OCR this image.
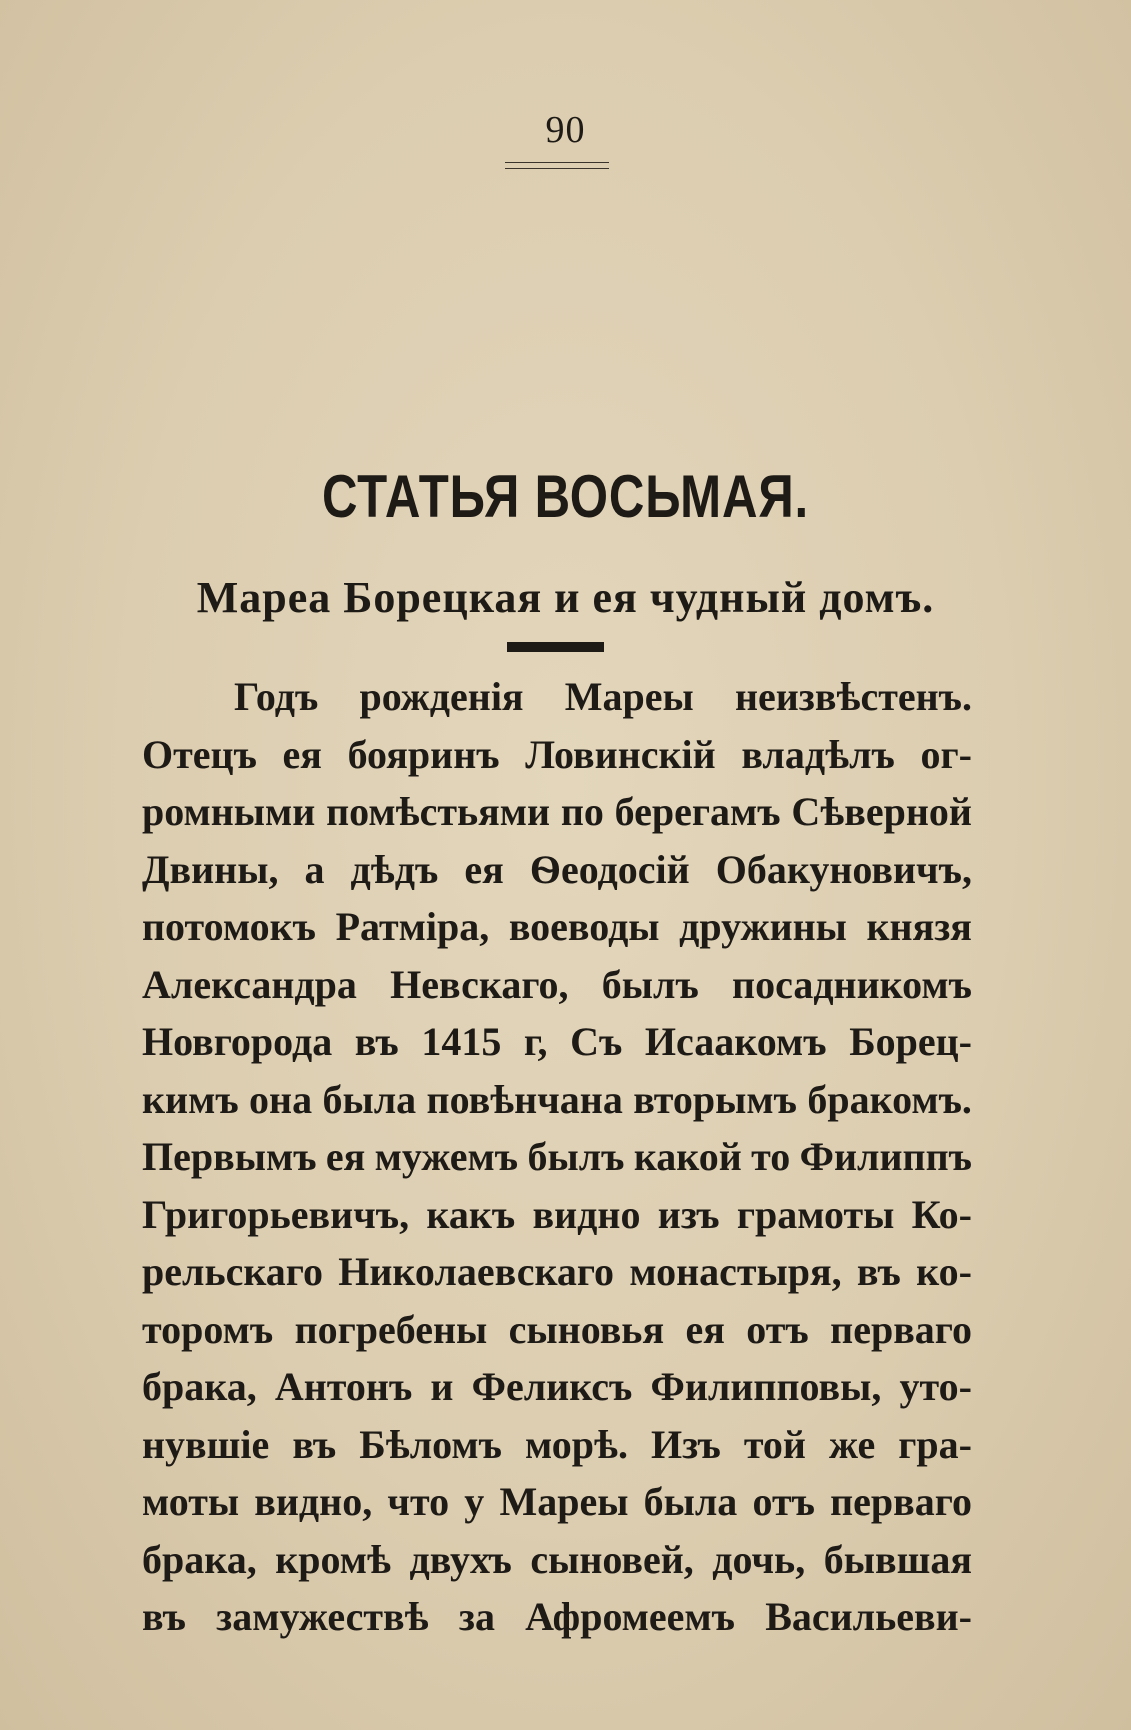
90
СТАТЬЯ ВОСЬМАЯ.
Мареа Борецкая и ея чудный домъ.
Годъ рожденія Мареы неизвѣстенъ.
Отецъ ея бояринъ Ловинскій владѣлъ ог-
ромными помѣстьями по берегамъ Сѣверной
Двины, а дѣдъ ея Ѳеодосій Обакуновичъ,
потомокъ Ратміра, воеводы дружины князя
Александра Невскаго, былъ посадникомъ
Новгорода въ 1415 г, Съ Исаакомъ Борец-
кимъ она была повѣнчана вторымъ бракомъ.
Первымъ ея мужемъ былъ какой то Филиппъ
Григорьевичъ, какъ видно изъ грамоты Ко-
рельскаго Николаевскаго монастыря, въ ко-
торомъ погребены сыновья ея отъ перваго
брака, Антонъ и Феликсъ Филипповы, уто-
нувшіе въ Бѣломъ морѣ. Изъ той же гра-
моты видно, что у Мареы была отъ перваго
брака, кромѣ двухъ сыновей, дочь, бывшая
въ замужествѣ за Афромеемъ Васильеви-
